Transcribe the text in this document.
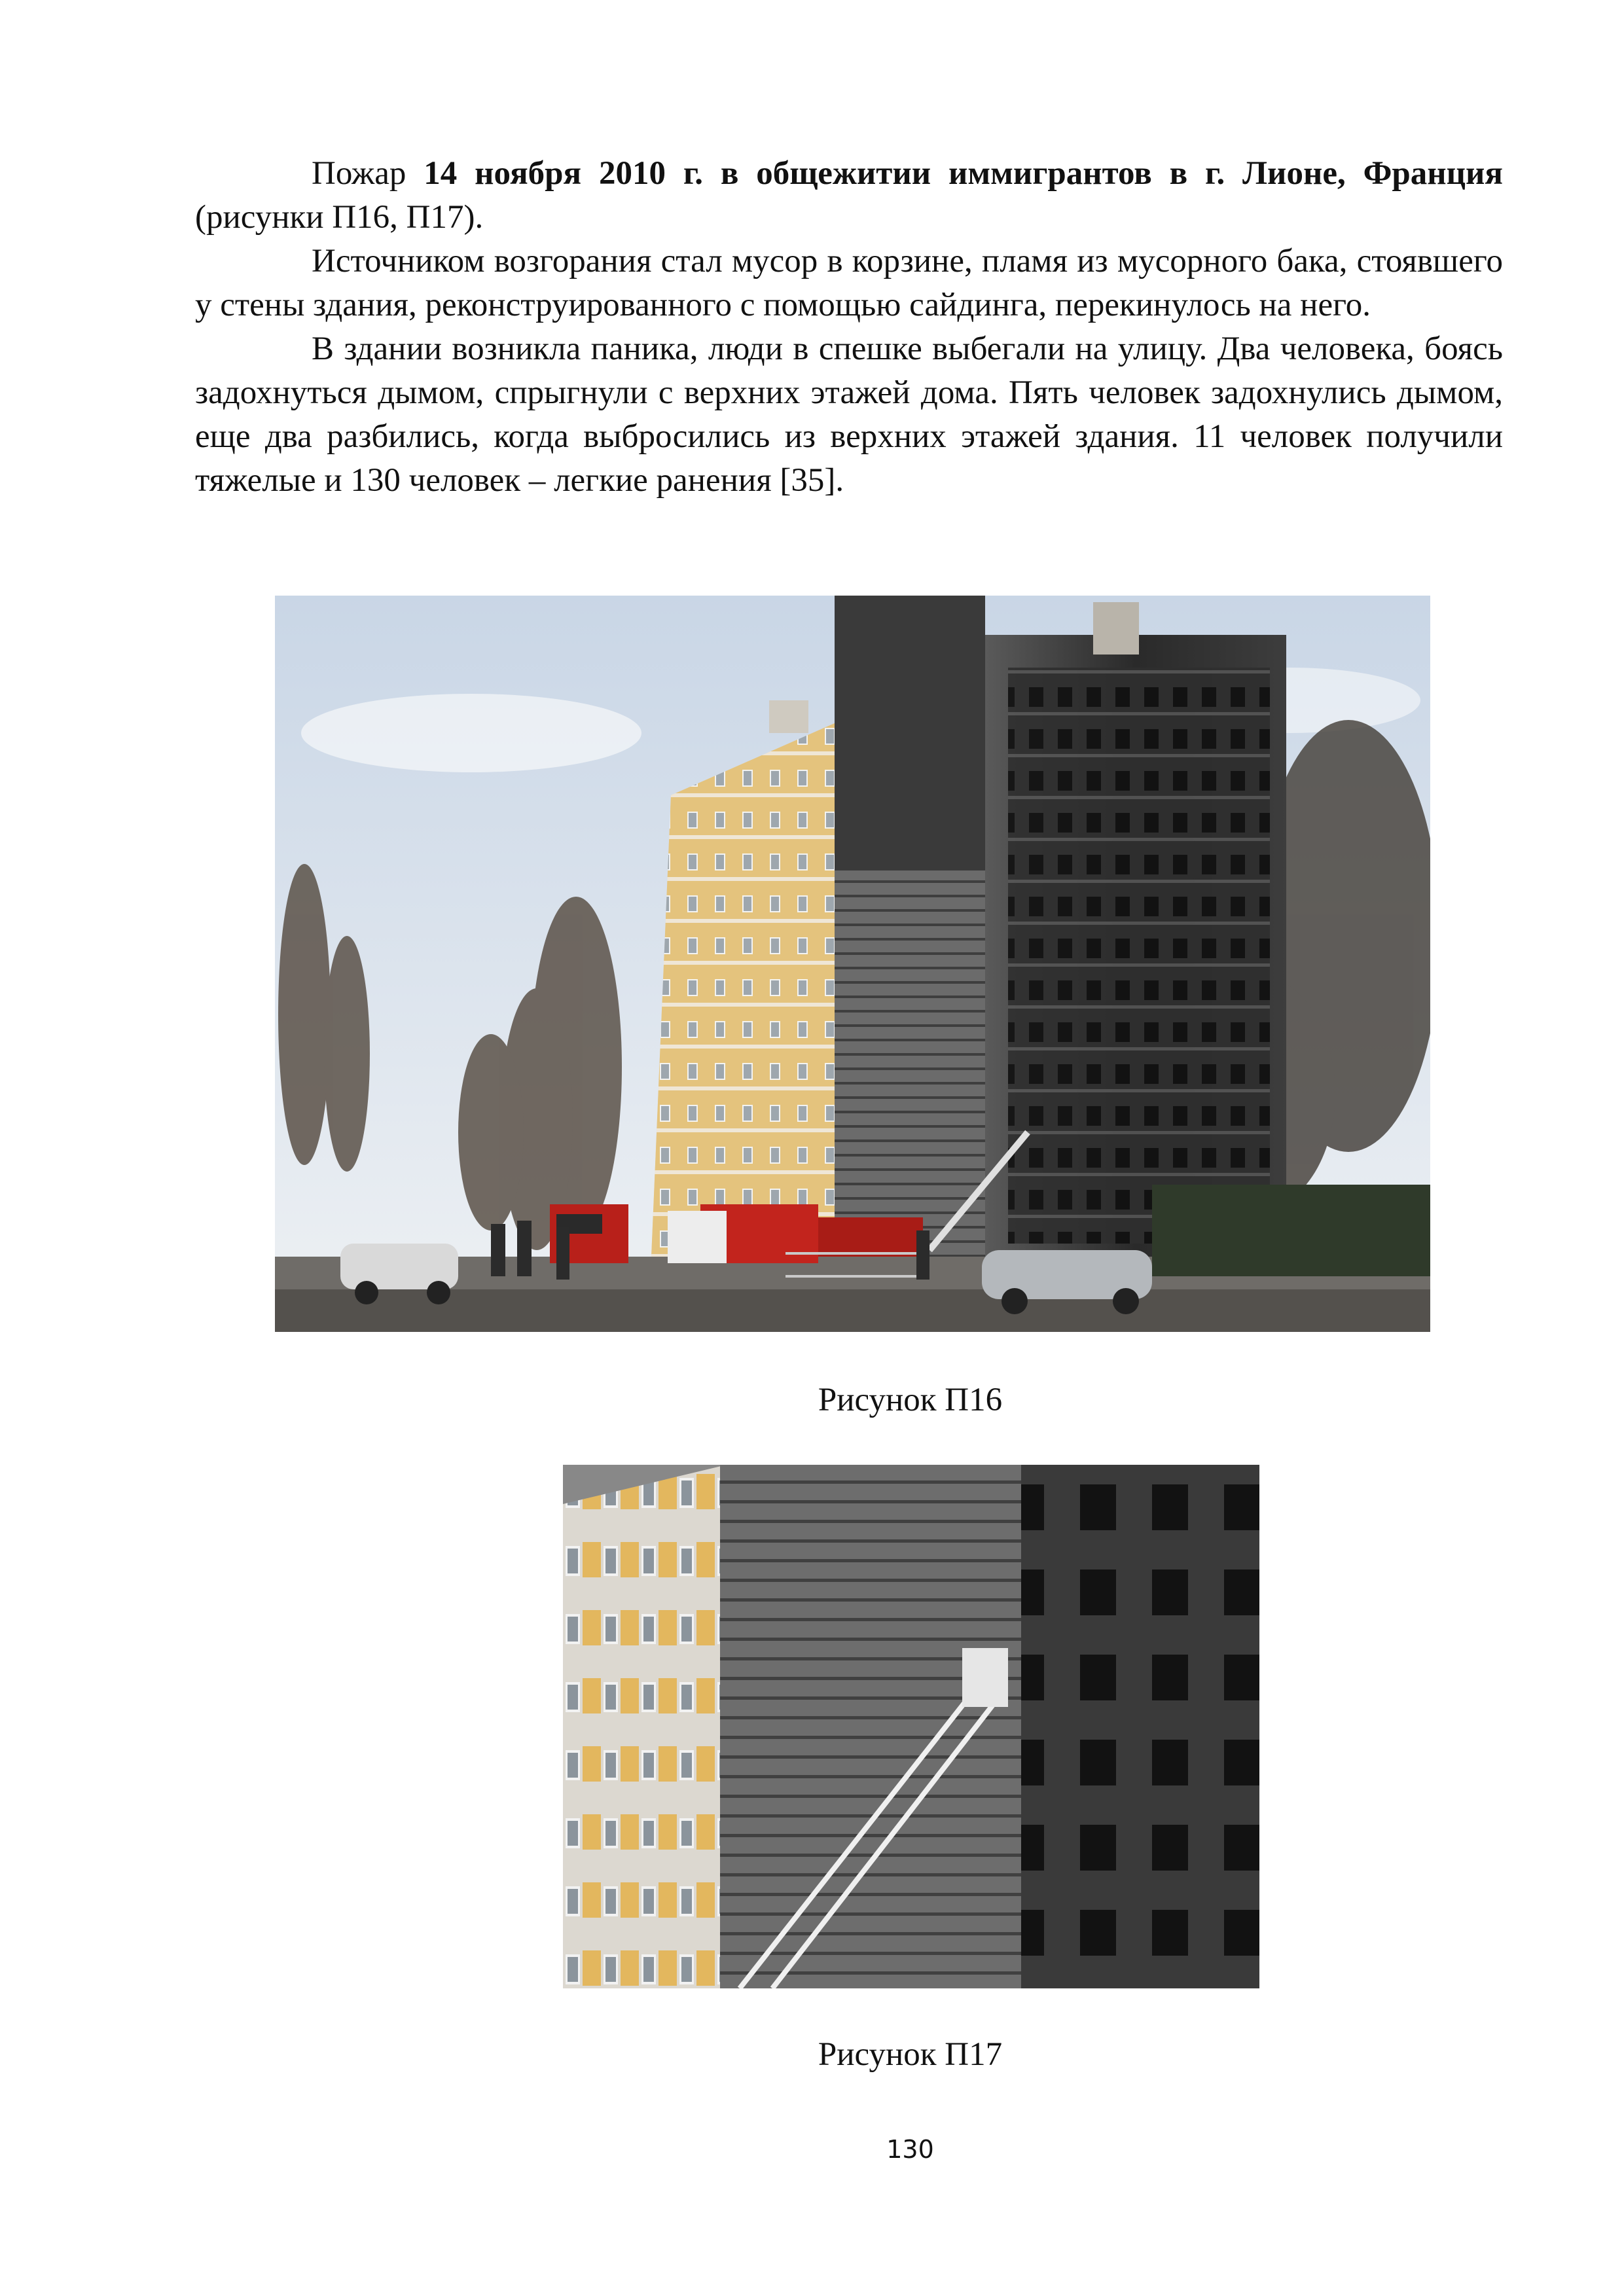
Пожар 14 ноября 2010 г. в общежитии иммигрантов в г. Лионе, Франция (рисунки П16, П17).

Источником возгорания стал мусор в корзине, пламя из мусорного бака, стоявшего у стены здания, реконструированного с помощью сайдинга, перекинулось на него.

В здании возникла паника, люди в спешке выбегали на улицу. Два человека, боясь задохнуться дымом, спрыгнули с верхних этажей дома. Пять человек задохнулись дымом, еще два разбились, когда выбросились из верхних этажей здания. 11 человек получили тяжелые и 130 человек – легкие ранения [35].

Рисунок П16
Рисунок П17
130
